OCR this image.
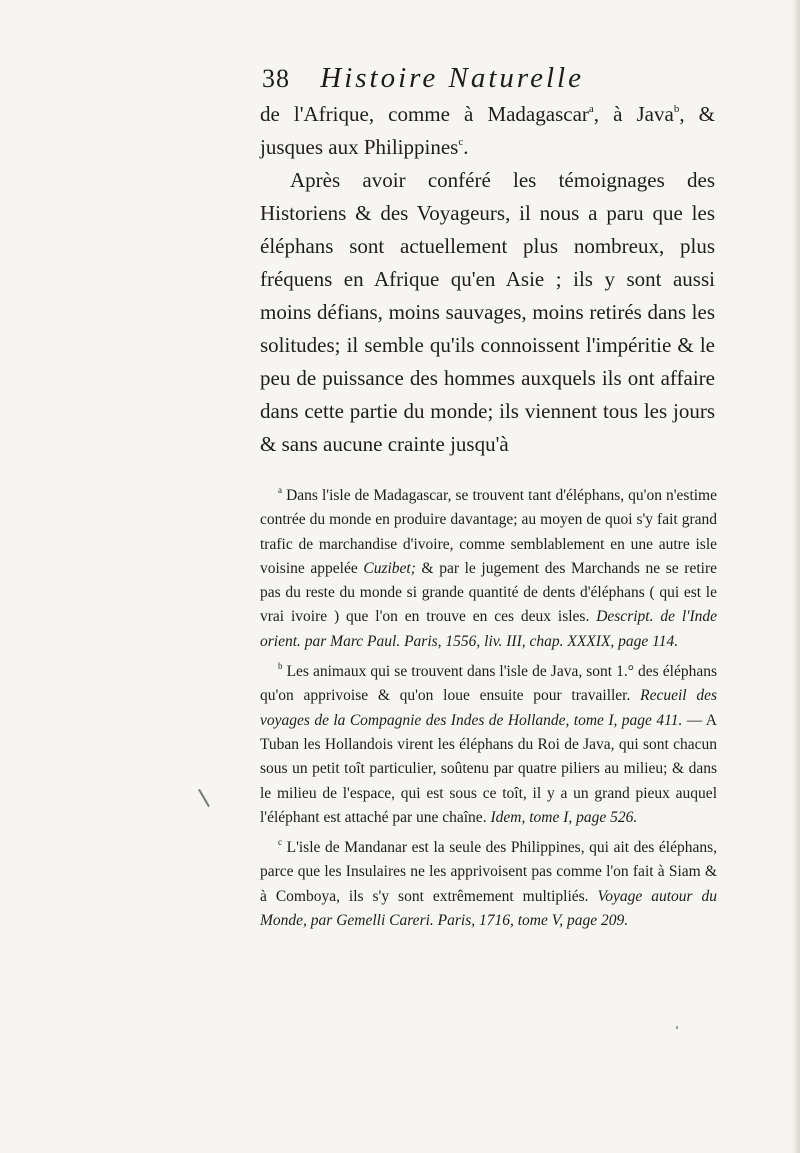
38 Histoire Naturelle

de l'Afrique, comme à Madagascar$^a$, à Java$^b$, & jusques aux Philippines$^c$.

Après avoir conféré les témoignages des Historiens & des Voyageurs, il nous a paru que les éléphans sont actuellement plus nombreux, plus fréquens en Afrique qu'en Asie ; ils y sont aussi moins défians, moins sauvages, moins retirés dans les solitudes; il semble qu'ils connoissent l'impéritie & le peu de puissance des hommes auxquels ils ont affaire dans cette partie du monde; ils viennent tous les jours & sans aucune crainte jusqu'à

$^a$ Dans l'isle de Madagascar, se trouvent tant d'éléphans, qu'on n'estime contrée du monde en produire davantage; au moyen de quoi s'y fait grand trafic de marchandise d'ivoire, comme semblablement en une autre isle voisine appelée Cuzibet; & par le jugement des Marchands ne se retire pas du reste du monde si grande quantité de dents d'éléphans ( qui est le vrai ivoire ) que l'on en trouve en ces deux isles. Descript. de l'Inde orient. par Marc Paul. Paris, 1556, liv. III, chap. XXXIX, page 114.

$^b$ Les animaux qui se trouvent dans l'isle de Java, sont 1.° des éléphans qu'on apprivoise & qu'on loue ensuite pour travailler. Recueil des voyages de la Compagnie des Indes de Hollande, tome I, page 411. — A Tuban les Hollandois virent les éléphans du Roi de Java, qui sont chacun sous un petit toît particulier, soûtenu par quatre piliers au milieu; & dans le milieu de l'espace, qui est sous ce toît, il y a un grand pieux auquel l'éléphant est attaché par une chaîne. Idem, tome I, page 526.

$^c$ L'isle de Mandanar est la seule des Philippines, qui ait des éléphans, parce que les Insulaires ne les apprivoisent pas comme l'on fait à Siam & à Comboya, ils s'y sont extrêmement multipliés. Voyage autour du Monde, par Gemelli Careri. Paris, 1716, tome V, page 209.
